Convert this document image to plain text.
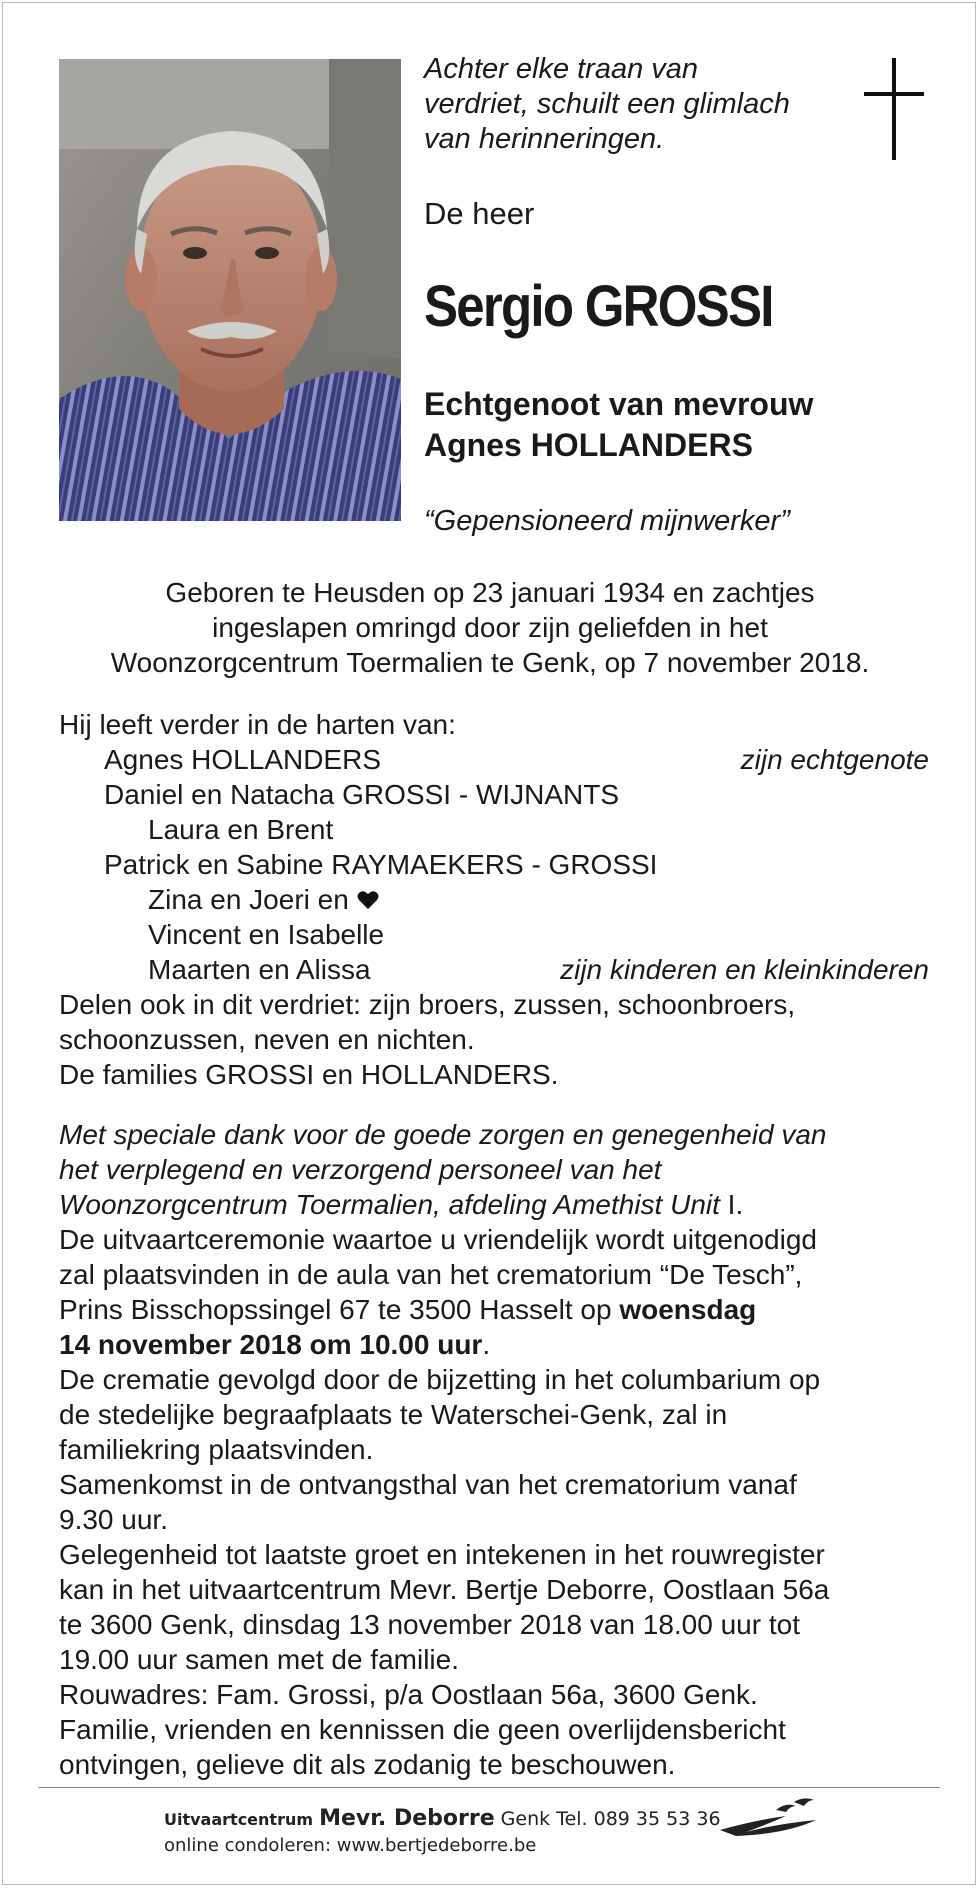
Achter elke traan van
verdriet, schuilt een glimlach
van herinneringen.
De heer
Sergio GROSSI
Echtgenoot van mevrouw
Agnes HOLLANDERS
“Gepensioneerd mijnwerker”
Geboren te Heusden op 23 januari 1934 en zachtjes
ingeslapen omringd door zijn geliefden in het
Woonzorgcentrum Toermalien te Genk, op 7 november 2018.
Hij leeft verder in de harten van:
Agnes HOLLANDERS	zijn echtgenote
Daniel en Natacha GROSSI - WIJNANTS
Laura en Brent
Patrick en Sabine RAYMAEKERS - GROSSI
Zina en Joeri en
Vincent en Isabelle
Maarten en Alissa	zijn kinderen en kleinkinderen
Delen ook in dit verdriet: zijn broers, zussen, schoonbroers,
schoonzussen, neven en nichten.
De families GROSSI en HOLLANDERS.
Met speciale dank voor de goede zorgen en genegenheid van
het verplegend en verzorgend personeel van het
Woonzorgcentrum Toermalien, afdeling Amethist Unit I.
De uitvaartceremonie waartoe u vriendelijk wordt uitgenodigd
zal plaatsvinden in de aula van het crematorium “De Tesch”,
Prins Bisschopssingel 67 te 3500 Hasselt op woensdag
14 november 2018 om 10.00 uur.
De crematie gevolgd door de bijzetting in het columbarium op
de stedelijke begraafplaats te Waterschei-Genk, zal in
familiekring plaatsvinden.
Samenkomst in de ontvangsthal van het crematorium vanaf
9.30 uur.
Gelegenheid tot laatste groet en intekenen in het rouwregister
kan in het uitvaartcentrum Mevr. Bertje Deborre, Oostlaan 56a
te 3600 Genk, dinsdag 13 november 2018 van 18.00 uur tot
19.00 uur samen met de familie.
Rouwadres: Fam. Grossi, p/a Oostlaan 56a, 3600 Genk.
Familie, vrienden en kennissen die geen overlijdensbericht
ontvingen, gelieve dit als zodanig te beschouwen.
Uitvaartcentrum Mevr. Deborre Genk Tel. 089 35 53 36
online condoleren: www.bertjedeborre.be
